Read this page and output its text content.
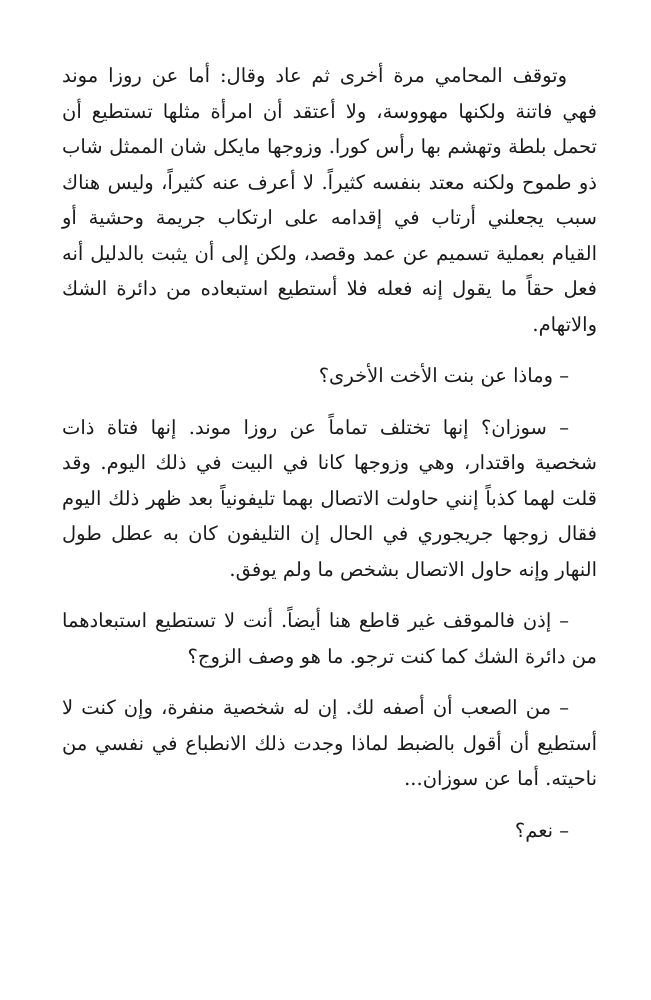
وتوقف المحامي مرة أخرى ثم عاد وقال: أما عن روزا موند فهي فاتنة ولكنها مهووسة، ولا أعتقد أن امرأة مثلها تستطيع أن تحمل بلطة وتهشم بها رأس كورا. وزوجها مايكل شان الممثل شاب ذو طموح ولكنه معتد بنفسه كثيراً. لا أعرف عنه كثيراً، وليس هناك سبب يجعلني أرتاب في إقدامه على ارتكاب جريمة وحشية أو القيام بعملية تسميم عن عمد وقصد، ولكن إلى أن يثبت بالدليل أنه فعل حقاً ما يقول إنه فعله فلا أستطيع استبعاده من دائرة الشك والاتهام.

– وماذا عن بنت الأخت الأخرى؟

– سوزان؟ إنها تختلف تماماً عن روزا موند. إنها فتاة ذات شخصية واقتدار، وهي وزوجها كانا في البيت في ذلك اليوم. وقد قلت لهما كذباً إنني حاولت الاتصال بهما تليفونياً بعد ظهر ذلك اليوم فقال زوجها جريجوري في الحال إن التليفون كان به عطل طول النهار وإنه حاول الاتصال بشخص ما ولم يوفق.

– إذن فالموقف غير قاطع هنا أيضاً. أنت لا تستطيع استبعادهما من دائرة الشك كما كنت ترجو. ما هو وصف الزوج؟

– من الصعب أن أصفه لك. إن له شخصية منفرة، وإن كنت لا أستطيع أن أقول بالضبط لماذا وجدت ذلك الانطباع في نفسي من ناحيته. أما عن سوزان...

– نعم؟
